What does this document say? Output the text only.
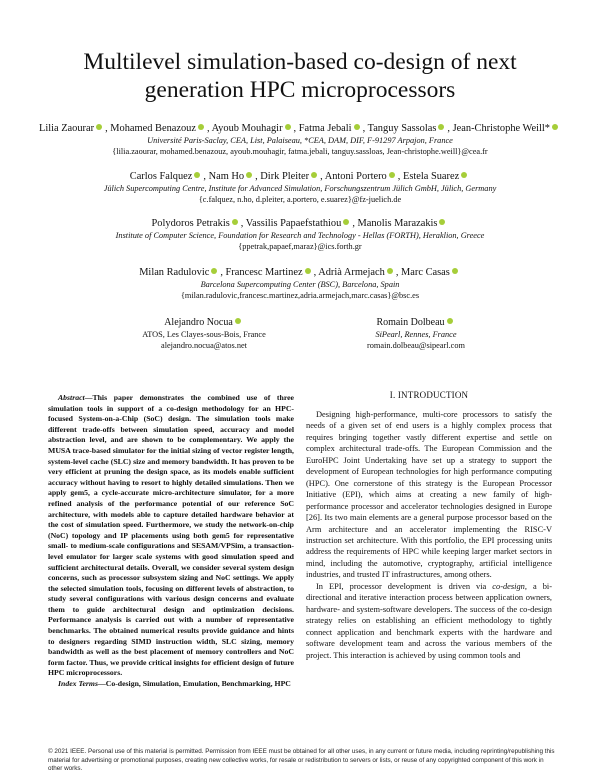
Multilevel simulation-based co-design of next generation HPC microprocessors
Lilia Zaourar , Mohamed Benazouz , Ayoub Mouhagir , Fatma Jebali , Tanguy Sassolas , Jean-Christophe Weill*
Université Paris-Saclay, CEA, List, Palaiseau, *CEA, DAM, DIF, F-91297 Arpajon, France
{lilia.zaourar, mohamed.benazouz, ayoub.mouhagir, fatma.jebali, tanguy.sassloas, Jean-christophe.weill}@cea.fr
Carlos Falquez , Nam Ho , Dirk Pleiter , Antoni Portero , Estela Suarez
Jülich Supercomputing Centre, Institute for Advanced Simulation, Forschungszentrum Jülich GmbH, Jülich, Germany
{c.falquez, n.ho, d.pleiter, a.portero, e.suarez}@fz-juelich.de
Polydoros Petrakis , Vassilis Papaefstathiou , Manolis Marazakis
Institute of Computer Science, Foundation for Research and Technology - Hellas (FORTH), Heraklion, Greece
{ppetrak,papaef,maraz}@ics.forth.gr
Milan Radulovic , Francesc Martinez , Adrià Armejach , Marc Casas
Barcelona Supercomputing Center (BSC), Barcelona, Spain
{milan.radulovic,francesc.martinez,adria.armejach,marc.casas}@bsc.es
Alejandro Nocua
ATOS, Les Clayes-sous-Bois, France
alejandro.nocua@atos.net
Romain Dolbeau
SiPearl, Rennes, France
romain.dolbeau@sipearl.com

Abstract—This paper demonstrates the combined use of three simulation tools in support of a co-design methodology for an HPC-focused System-on-a-Chip (SoC) design. The simulation tools make different trade-offs between simulation speed, accuracy and model abstraction level, and are shown to be complementary. We apply the MUSA trace-based simulator for the initial sizing of vector register length, system-level cache (SLC) size and memory bandwidth. It has proven to be very efficient at pruning the design space, as its models enable sufficient accuracy without having to resort to highly detailed simulations. Then we apply gem5, a cycle-accurate micro-architecture simulator, for a more refined analysis of the performance potential of our reference SoC architecture, with models able to capture detailed hardware behavior at the cost of simulation speed. Furthermore, we study the network-on-chip (NoC) topology and IP placements using both gem5 for representative small- to medium-scale configurations and SESAM/VPSim, a transaction-level emulator for larger scale systems with good simulation speed and sufficient architectural details. Overall, we consider several system design concerns, such as processor subsystem sizing and NoC settings. We apply the selected simulation tools, focusing on different levels of abstraction, to study several configurations with various design concerns and evaluate them to guide architectural design and optimization decisions. Performance analysis is carried out with a number of representative benchmarks. The obtained numerical results provide guidance and hints to designers regarding SIMD instruction width, SLC sizing, memory bandwidth as well as the best placement of memory controllers and NoC form factor. Thus, we provide critical insights for efficient design of future HPC microprocessors.

Index Terms—Co-design, Simulation, Emulation, Benchmarking, HPC

I. INTRODUCTION

Designing high-performance, multi-core processors to satisfy the needs of a given set of end users is a highly complex process that requires bringing together vastly different expertise and settle on complex architectural trade-offs. The European Commission and the EuroHPC Joint Undertaking have set up a strategy to support the development of European technologies for high performance computing (HPC). One cornerstone of this strategy is the European Processor Initiative (EPI), which aims at creating a new family of high-performance processor and accelerator technologies designed in Europe [26]. Its two main elements are a general purpose processor based on the Arm architecture and an accelerator implementing the RISC-V instruction set architecture. With this portfolio, the EPI processing units address the requirements of HPC while keeping larger market sectors in mind, including the automotive, cryptography, artificial intelligence industries, and trusted IT infrastructures, among others.

In EPI, processor development is driven via co-design, a bi-directional and iterative interaction process between application owners, hardware- and system-software developers. The success of the co-design strategy relies on establishing an efficient methodology to tightly connect application and benchmark experts with the hardware and software development team and across the various members of the project. This interaction is achieved by using common tools and

© 2021 IEEE. Personal use of this material is permitted. Permission from IEEE must be obtained for all other uses, in any current or future media, including reprinting/republishing this material for advertising or promotional purposes, creating new collective works, for resale or redistribution to servers or lists, or reuse of any copyrighted component of this work in other works.
